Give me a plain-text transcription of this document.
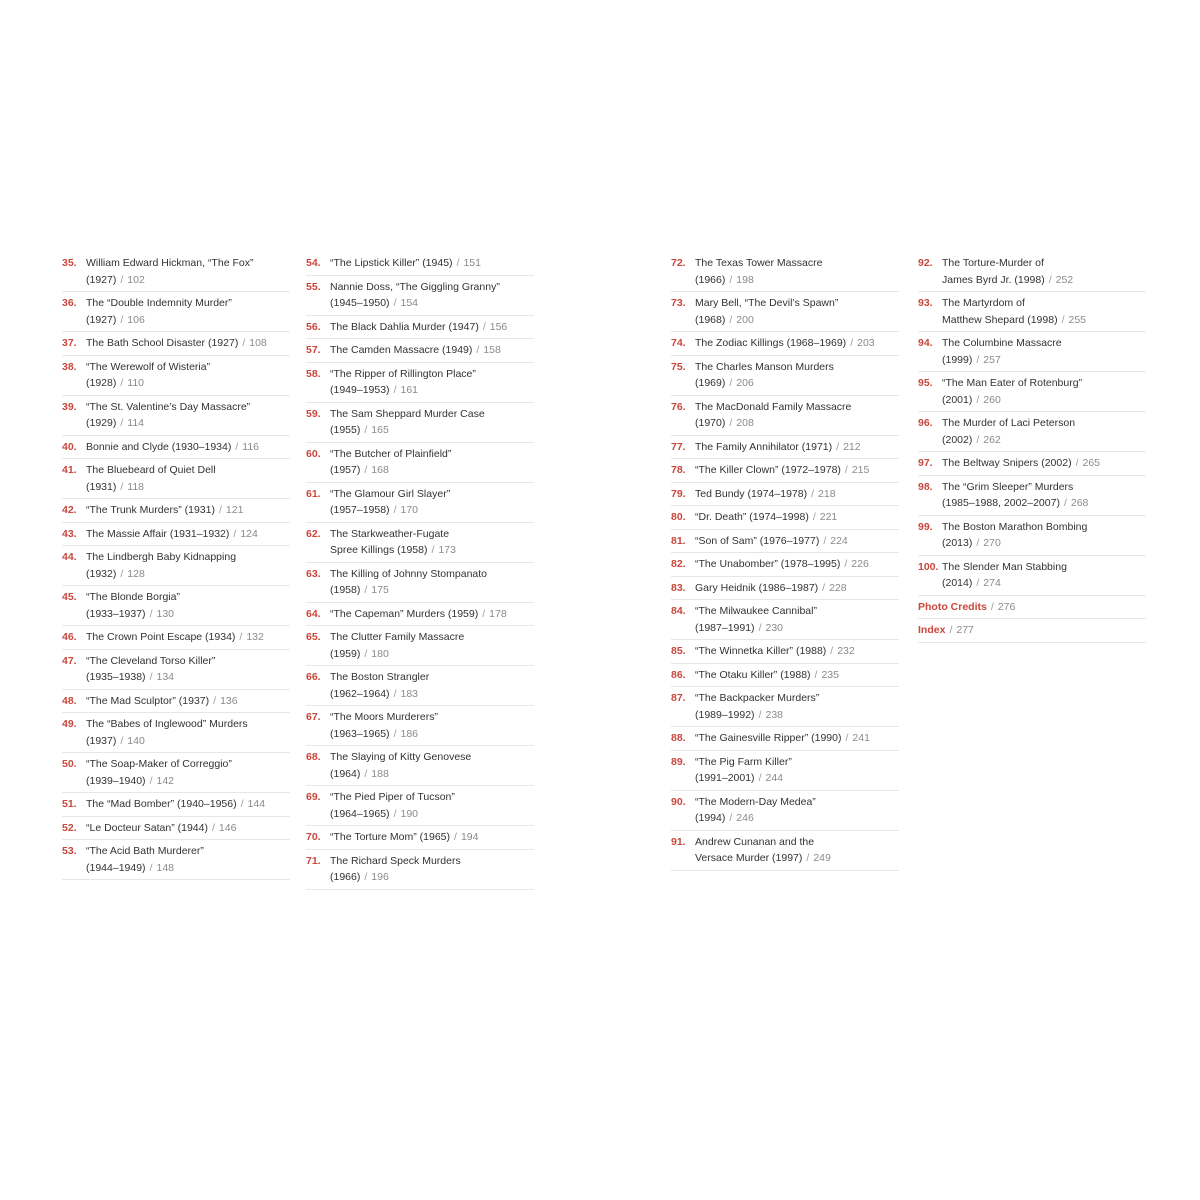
35. William Edward Hickman, “The Fox”
(1927) / 102
36. The “Double Indemnity Murder”
(1927) / 106
37. The Bath School Disaster (1927) / 108
38. “The Werewolf of Wisteria”
(1928) / 110
39. “The St. Valentine’s Day Massacre”
(1929) / 114
40. Bonnie and Clyde (1930–1934) / 116
41. The Bluebeard of Quiet Dell
(1931) / 118
42. “The Trunk Murders” (1931) / 121
43. The Massie Affair (1931–1932) / 124
44. The Lindbergh Baby Kidnapping
(1932) / 128
45. “The Blonde Borgia”
(1933–1937) / 130
46. The Crown Point Escape (1934) / 132
47. “The Cleveland Torso Killer”
(1935–1938) / 134
48. “The Mad Sculptor” (1937) / 136
49. The “Babes of Inglewood” Murders
(1937) / 140
50. “The Soap-Maker of Correggio”
(1939–1940) / 142
51. The “Mad Bomber” (1940–1956) / 144
52. “Le Docteur Satan” (1944) / 146
53. “The Acid Bath Murderer”
(1944–1949) / 148
54. “The Lipstick Killer” (1945) / 151
55. Nannie Doss, “The Giggling Granny”
(1945–1950) / 154
56. The Black Dahlia Murder (1947) / 156
57. The Camden Massacre (1949) / 158
58. “The Ripper of Rillington Place”
(1949–1953) / 161
59. The Sam Sheppard Murder Case
(1955) / 165
60. “The Butcher of Plainfield”
(1957) / 168
61. “The Glamour Girl Slayer”
(1957–1958) / 170
62. The Starkweather-Fugate
Spree Killings (1958) / 173
63. The Killing of Johnny Stompanato
(1958) / 175
64. “The Capeman” Murders (1959) / 178
65. The Clutter Family Massacre
(1959) / 180
66. The Boston Strangler
(1962–1964) / 183
67. “The Moors Murderers”
(1963–1965) / 186
68. The Slaying of Kitty Genovese
(1964) / 188
69. “The Pied Piper of Tucson”
(1964–1965) / 190
70. “The Torture Mom” (1965) / 194
71. The Richard Speck Murders
(1966) / 196
72. The Texas Tower Massacre
(1966) / 198
73. Mary Bell, “The Devil’s Spawn”
(1968) / 200
74. The Zodiac Killings (1968–1969) / 203
75. The Charles Manson Murders
(1969) / 206
76. The MacDonald Family Massacre
(1970) / 208
77. The Family Annihilator (1971) / 212
78. “The Killer Clown” (1972–1978) / 215
79. Ted Bundy (1974–1978) / 218
80. “Dr. Death” (1974–1998) / 221
81. “Son of Sam” (1976–1977) / 224
82. “The Unabomber” (1978–1995) / 226
83. Gary Heidnik (1986–1987) / 228
84. “The Milwaukee Cannibal”
(1987–1991) / 230
85. “The Winnetka Killer” (1988) / 232
86. “The Otaku Killer” (1988) / 235
87. “The Backpacker Murders”
(1989–1992) / 238
88. “The Gainesville Ripper” (1990) / 241
89. “The Pig Farm Killer”
(1991–2001) / 244
90. “The Modern-Day Medea”
(1994) / 246
91. Andrew Cunanan and the
Versace Murder (1997) / 249
92. The Torture-Murder of
James Byrd Jr. (1998) / 252
93. The Martyrdom of
Matthew Shepard (1998) / 255
94. The Columbine Massacre
(1999) / 257
95. “The Man Eater of Rotenburg”
(2001) / 260
96. The Murder of Laci Peterson
(2002) / 262
97. The Beltway Snipers (2002) / 265
98. The “Grim Sleeper” Murders
(1985–1988, 2002–2007) / 268
99. The Boston Marathon Bombing
(2013) / 270
100. The Slender Man Stabbing
(2014) / 274
Photo Credits / 276
Index / 277
